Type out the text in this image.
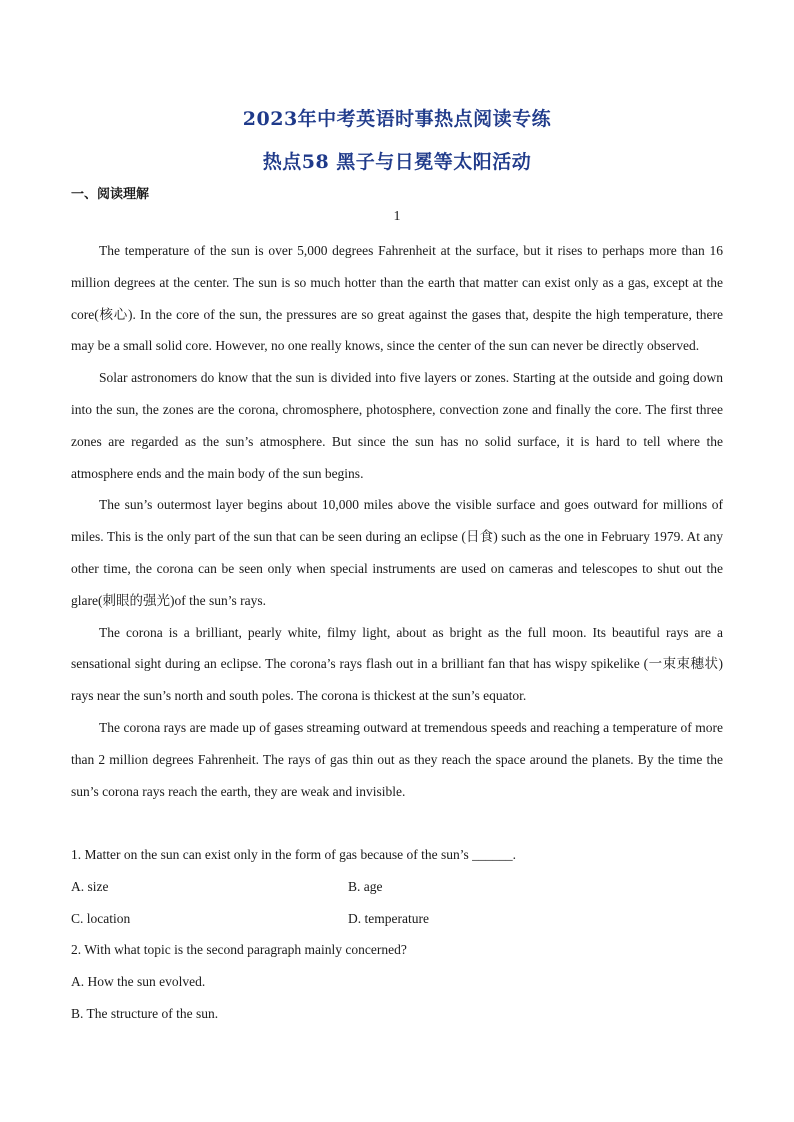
2023年中考英语时事热点阅读专练
热点58 黑子与日冕等太阳活动
一、阅读理解
1

The temperature of the sun is over 5,000 degrees Fahrenheit at the surface, but it rises to perhaps more than 16 million degrees at the center. The sun is so much hotter than the earth that matter can exist only as a gas, except at the core(核心). In the core of the sun, the pressures are so great against the gases that, despite the high temperature, there may be a small solid core. However, no one really knows, since the center of the sun can never be directly observed.

Solar astronomers do know that the sun is divided into five layers or zones. Starting at the outside and going down into the sun, the zones are the corona, chromosphere, photosphere, convection zone and finally the core. The first three zones are regarded as the sun’s atmosphere. But since the sun has no solid surface, it is hard to tell where the atmosphere ends and the main body of the sun begins.

The sun’s outermost layer begins about 10,000 miles above the visible surface and goes outward for millions of miles. This is the only part of the sun that can be seen during an eclipse (日食) such as the one in February 1979. At any other time, the corona can be seen only when special instruments are used on cameras and telescopes to shut out the glare(刺眼的强光)of the sun’s rays.

The corona is a brilliant, pearly white, filmy light, about as bright as the full moon. Its beautiful rays are a sensational sight during an eclipse. The corona’s rays flash out in a brilliant fan that has wispy spikelike (一束束穗状) rays near the sun’s north and south poles. The corona is thickest at the sun’s equator.

The corona rays are made up of gases streaming outward at tremendous speeds and reaching a temperature of more than 2 million degrees Fahrenheit. The rays of gas thin out as they reach the space around the planets. By the time the sun’s corona rays reach the earth, they are weak and invisible.

1. Matter on the sun can exist only in the form of gas because of the sun’s ______.
A. size	B. age
C. location	D. temperature
2. With what topic is the second paragraph mainly concerned?
A. How the sun evolved.
B. The structure of the sun.
